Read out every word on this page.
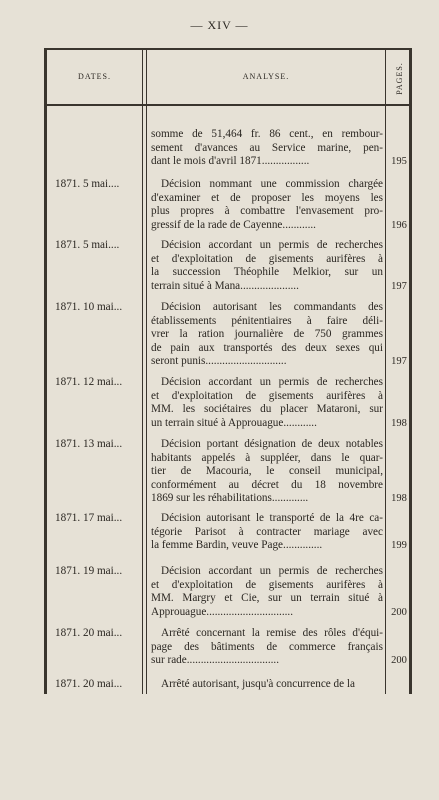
— XIV —
DATES.	ANALYSE.	PAGES.
somme de 51,464 fr. 86 cent., en rembour-
sement d'avances au Service marine, pen-
dant le mois d'avril 1871.................	195
1871. 5 mai....	Décision nommant une commission chargée
d'examiner et de proposer les moyens les
plus propres à combattre l'envasement pro-
gressif de la rade de Cayenne............	196
1871. 5 mai....	Décision accordant un permis de recherches
et d'exploitation de gisements aurifères à
la succession Théophile Melkior, sur un
terrain situé à Mana.....................	197
1871. 10 mai...	Décision autorisant les commandants des
établissements pénitentiaires à faire déli-
vrer la ration journalière de 750 grammes
de pain aux transportés des deux sexes qui
seront punis.............................	197
1871. 12 mai...	Décision accordant un permis de recherches
et d'exploitation de gisements aurifères à
MM. les sociétaires du placer Mataroni, sur
un terrain situé à Approuague............	198
1871. 13 mai...	Décision portant désignation de deux notables
habitants appelés à suppléer, dans le quar-
tier de Macouria, le conseil municipal,
conformément au décret du 18 novembre
1869 sur les réhabilitations.............	198
1871. 17 mai...	Décision autorisant le transporté de la 4re ca-
tégorie Parisot à contracter mariage avec
la femme Bardin, veuve Page..............	199
1871. 19 mai...	Décision accordant un permis de recherches
et d'exploitation de gisements aurifères à
MM. Margry et Cie, sur un terrain situé à
Approuague...............................	200
1871. 20 mai...	Arrêté concernant la remise des rôles d'équi-
page des bâtiments de commerce français
sur rade.................................	200
1871. 20 mai...	Arrêté autorisant, jusqu'à concurrence de la
